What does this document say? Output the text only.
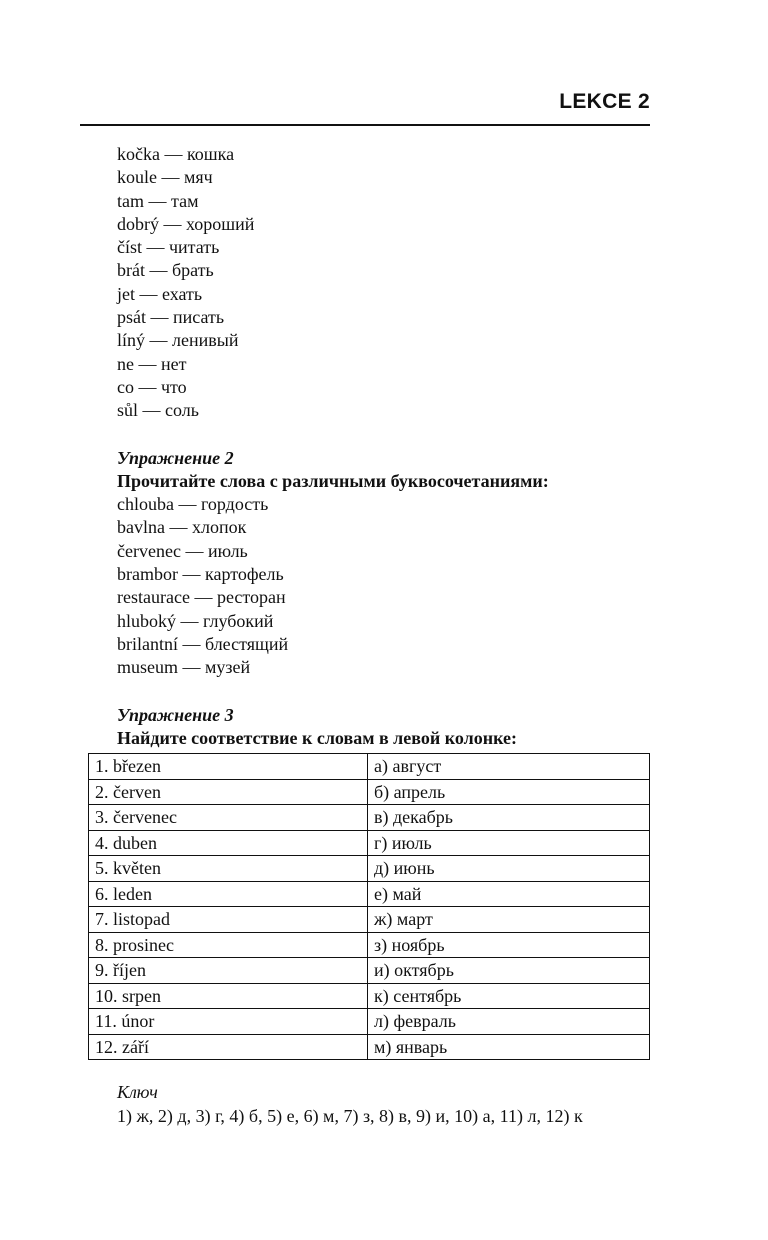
LEKCE 2
kočka — кошка
koule — мяч
tam — там
dobrý — хороший
číst — читать
brát — брать
jet — ехать
psát — писать
líný — ленивый
ne — нет
co — что
sůl — соль
Упражнение 2
Прочитайте слова с различными буквосочетаниями:
chlouba — гордость
bavlna — хлопок
červenec — июль
brambor — картофель
restaurace — ресторан
hluboký — глубокий
brilantní — блестящий
museum — музей
Упражнение 3
Найдите соответствие к словам в левой колонке:
1. březen	а) август
2. červen	б) апрель
3. červenec	в) декабрь
4. duben	г) июль
5. květen	д) июнь
6. leden	е) май
7. listopad	ж) март
8. prosinec	з) ноябрь
9. říjen	и) октябрь
10. srpen	к) сентябрь
11. únor	л) февраль
12. září	м) январь
Ключ
1) ж, 2) д, 3) г, 4) б, 5) е, 6) м, 7) з, 8) в, 9) и, 10) а, 11) л, 12) к
